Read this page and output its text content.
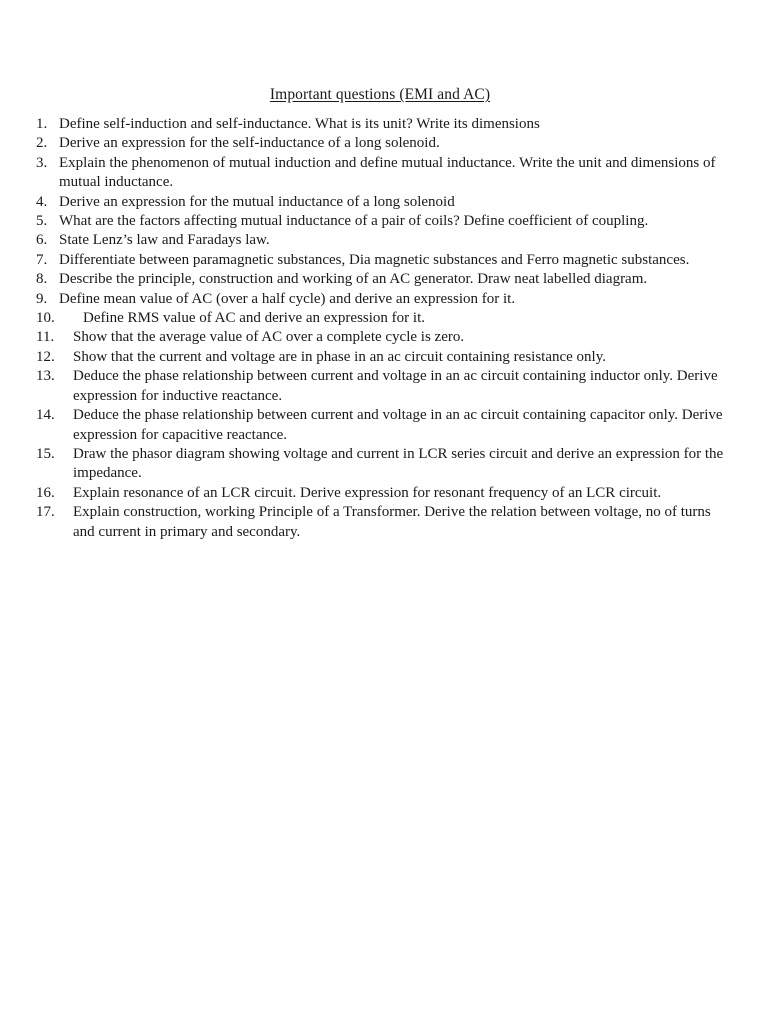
Important questions (EMI and AC)
1. Define self-induction and self-inductance. What is its unit? Write its dimensions
2. Derive an expression for the self-inductance of a long solenoid.
3. Explain the phenomenon of mutual induction and define mutual inductance. Write the unit and dimensions of mutual inductance.
4. Derive an expression for the mutual inductance of a long solenoid
5. What are the factors affecting mutual inductance of a pair of coils? Define coefficient of coupling.
6. State Lenz’s law and Faradays law.
7. Differentiate between paramagnetic substances, Dia magnetic substances and Ferro magnetic substances.
8. Describe the principle, construction and working of an AC generator. Draw neat labelled diagram.
9. Define mean value of AC (over a half cycle) and derive an expression for it.
10. Define RMS value of AC and derive an expression for it.
11. Show that the average value of AC over a complete cycle is zero.
12. Show that the current and voltage are in phase in an ac circuit containing resistance only.
13. Deduce the phase relationship between current and voltage in an ac circuit containing inductor only. Derive expression for inductive reactance.
14. Deduce the phase relationship between current and voltage in an ac circuit containing capacitor only. Derive expression for capacitive reactance.
15. Draw the phasor diagram showing voltage and current in LCR series circuit and derive an expression for the impedance.
16. Explain resonance of an LCR circuit. Derive expression for resonant frequency of an LCR circuit.
17. Explain construction, working Principle of a Transformer. Derive the relation between voltage, no of turns and current in primary and secondary.
